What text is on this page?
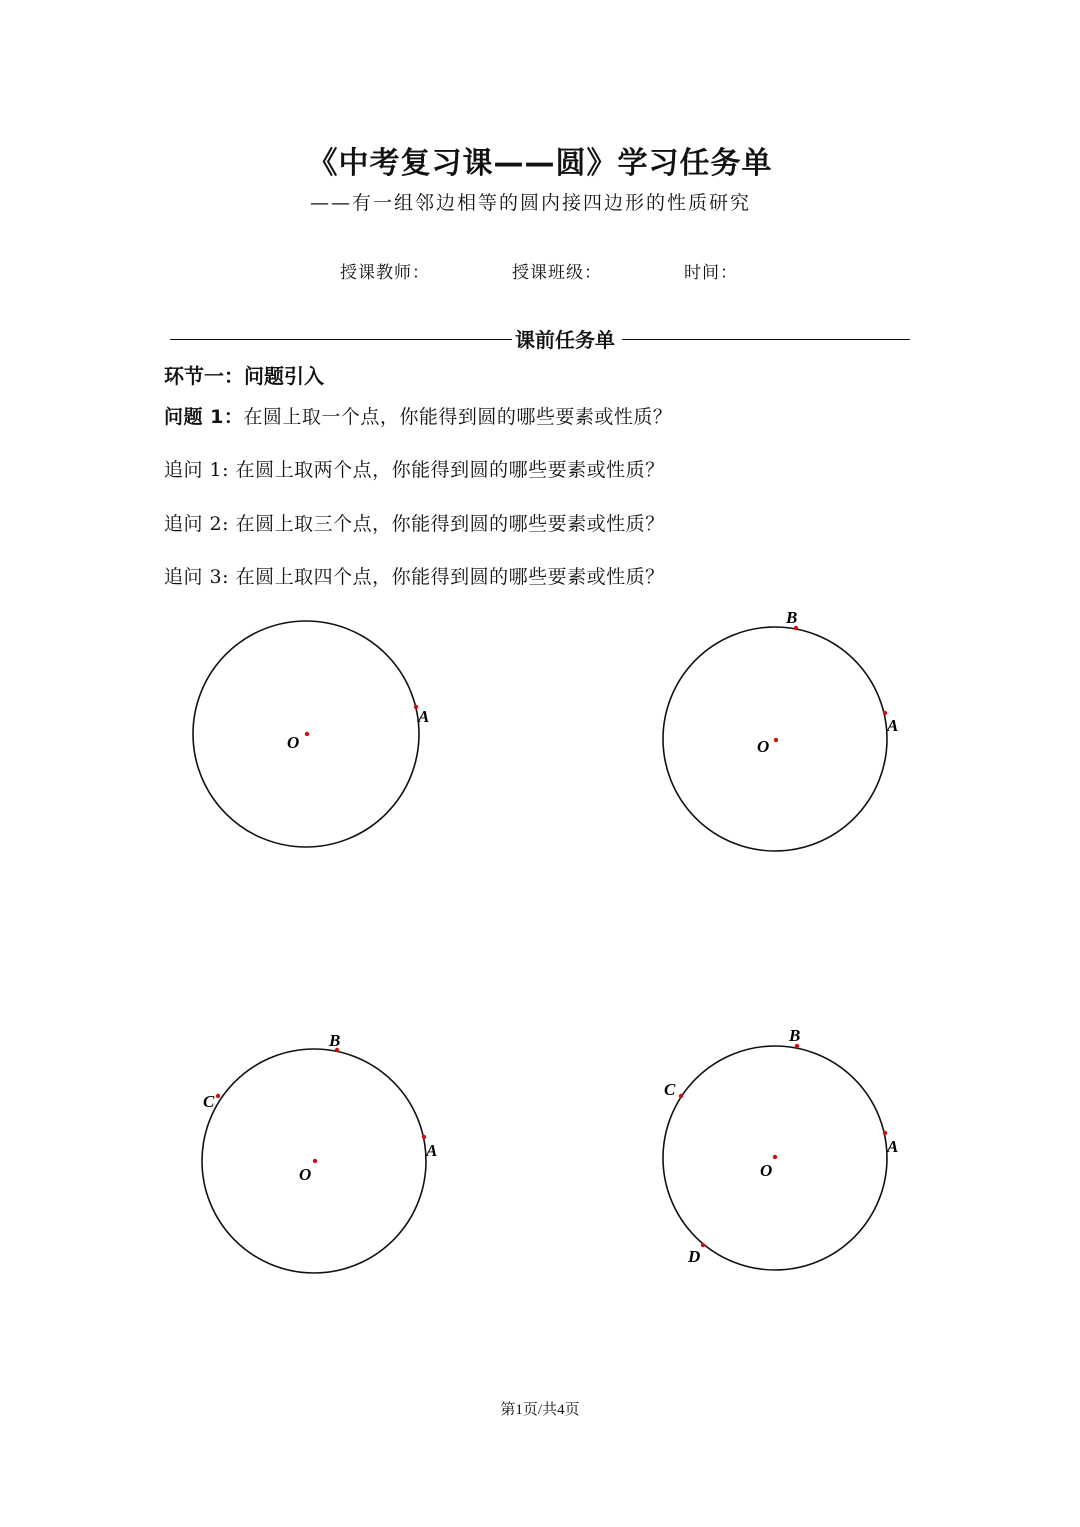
《中考复习课——圆》学习任务单
——有一组邻边相等的圆内接四边形的性质研究
授课教师：	授课班级：	时间：
课前任务单
环节一：问题引入
问题 1：在圆上取一个点，你能得到圆的哪些要素或性质？
追问 1: 在圆上取两个点，你能得到圆的哪些要素或性质？
追问 2: 在圆上取三个点，你能得到圆的哪些要素或性质？
追问 3: 在圆上取四个点，你能得到圆的哪些要素或性质？
O
A
O
A
B
O
A
B
C
O
A
B
C
D
第1页/共4页
